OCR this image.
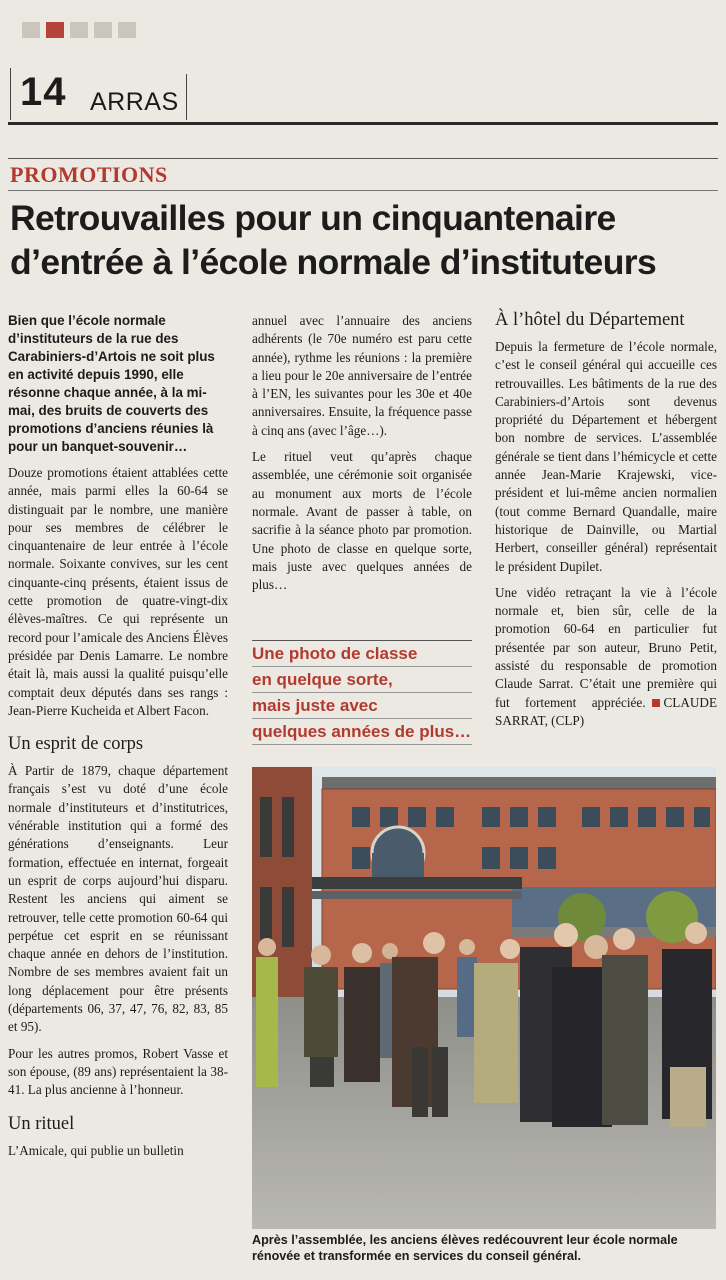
14 ARRAS
PROMOTIONS
Retrouvailles pour un cinquantenaire d’entrée à l’école normale d’instituteurs

Bien que l’école normale d’instituteurs de la rue des Carabiniers-d’Artois ne soit plus en activité depuis 1990, elle résonne chaque année, à la mi-mai, des bruits de couverts des promotions d’anciens réunies là pour un banquet-souvenir…

Douze promotions étaient attablées cette année, mais parmi elles la 60-64 se distinguait par le nombre, une manière pour ses membres de célébrer le cinquantenaire de leur entrée à l’école normale. Soixante convives, sur les cent cinquante-cinq présents, étaient issus de cette promotion de quatre-vingt-dix élèves-maîtres. Ce qui représente un record pour l’amicale des Anciens Élèves présidée par Denis Lamarre. Le nombre était là, mais aussi la qualité puisqu’elle comptait deux députés dans ses rangs : Jean-Pierre Kucheida et Albert Facon.

Un esprit de corps

À Partir de 1879, chaque département français s’est vu doté d’une école normale d’instituteurs et d’institutrices, vénérable institution qui a formé des générations d’enseignants. Leur formation, effectuée en internat, forgeait un esprit de corps aujourd’hui disparu. Restent les anciens qui aiment se retrouver, telle cette promotion 60-64 qui perpétue cet esprit en se réunissant chaque année en dehors de l’institution. Nombre de ses membres avaient fait un long déplacement pour être présents (départements 06, 37, 47, 76, 82, 83, 85 et 95).

Pour les autres promos, Robert Vasse et son épouse, (89 ans) représentaient la 38-41. La plus ancienne à l’honneur.

Un rituel

L’Amicale, qui publie un bulletin

annuel avec l’annuaire des anciens adhérents (le 70e numéro est paru cette année), rythme les réunions : la première a lieu pour le 20e anniversaire de l’entrée à l’EN, les suivantes pour les 30e et 40e anniversaires. Ensuite, la fréquence passe à cinq ans (avec l’âge…).

Le rituel veut qu’après chaque assemblée, une cérémonie soit organisée au monument aux morts de l’école normale. Avant de passer à table, on sacrifie à la séance photo par promotion. Une photo de classe en quelque sorte, mais juste avec quelques années de plus…

Une photo de classe
en quelque sorte,
mais juste avec
quelques années de plus…
À l’hôtel du Département

Depuis la fermeture de l’école normale, c’est le conseil général qui accueille ces retrouvailles. Les bâtiments de la rue des Carabiniers-d’Artois sont devenus propriété du Département et hébergent bon nombre de services. L’assemblée générale se tient dans l’hémicycle et cette année Jean-Marie Krajewski, vice-président et lui-même ancien normalien (tout comme Bernard Quandalle, maire historique de Dainville, ou Martial Herbert, conseiller général) représentait le président Dupilet.

Une vidéo retraçant la vie à l’école normale et, bien sûr, celle de la promotion 60-64 en particulier fut présentée par son auteur, Bruno Petit, assisté du responsable de promotion Claude Sarrat. C’était une première qui fut fortement appréciée. CLAUDE SARRAT, (CLP)

Après l’assemblée, les anciens élèves redécouvrent leur école normale rénovée et transformée en services du conseil général.
